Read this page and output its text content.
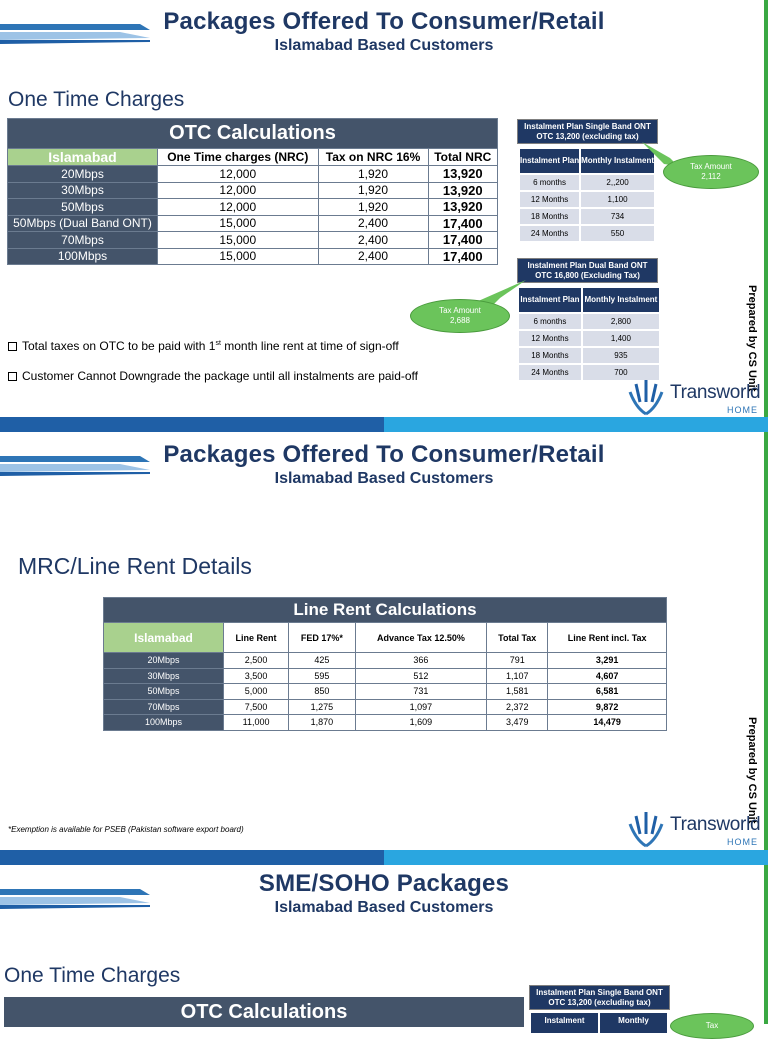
Packages Offered To Consumer/Retail
Islamabad Based Customers
One Time Charges
OTC Calculations			
Islamabad	One Time charges (NRC)	Tax on NRC 16%	Total NRC
20Mbps	12,000	1,920	13,920
30Mbps	12,000	1,920	13,920
50Mbps	12,000	1,920	13,920
50Mbps (Dual Band ONT)	15,000	2,400	17,400
70Mbps	15,000	2,400	17,400
100Mbps	15,000	2,400	17,400
Instalment Plan Single Band ONT OTC 13,200 (excluding tax)
Instalment Plan	Monthly Instalment
6 months	2,,200
12 Months	1,100
18 Months	734
24 Months	550
Tax Amount
2,112
Instalment Plan Dual Band ONT OTC 16,800 (Excluding Tax)
Instalment Plan	Monthly Instalment
6 months	2,800
12 Months	1,400
18 Months	935
24 Months	700
Tax Amount
2,688
Total taxes on OTC to be paid with 1st month line rent at time of sign-off
Customer Cannot Downgrade the package until all instalments are paid-off	Prepared by CS Unit
Transworld
HOME
Packages Offered To Consumer/Retail
Islamabad Based Customers
MRC/Line Rent Details
Line Rent Calculations					
Islamabad	Line Rent	FED 17%*	Advance Tax 12.50%	Total Tax	Line Rent incl. Tax
20Mbps	2,500	425	366	791	3,291
30Mbps	3,500	595	512	1,107	4,607
50Mbps	5,000	850	731	1,581	6,581
70Mbps	7,500	1,275	1,097	2,372	9,872
100Mbps	11,000	1,870	1,609	3,479	14,479
*Exemption is available for PSEB (Pakistan software export board)
Prepared by CS Unit
Transworld
HOME
SME/SOHO Packages
Islamabad Based Customers
One Time Charges
OTC Calculations
Instalment Plan Single Band ONT OTC 13,200 (excluding tax)
Instalment	Monthly
Tax
